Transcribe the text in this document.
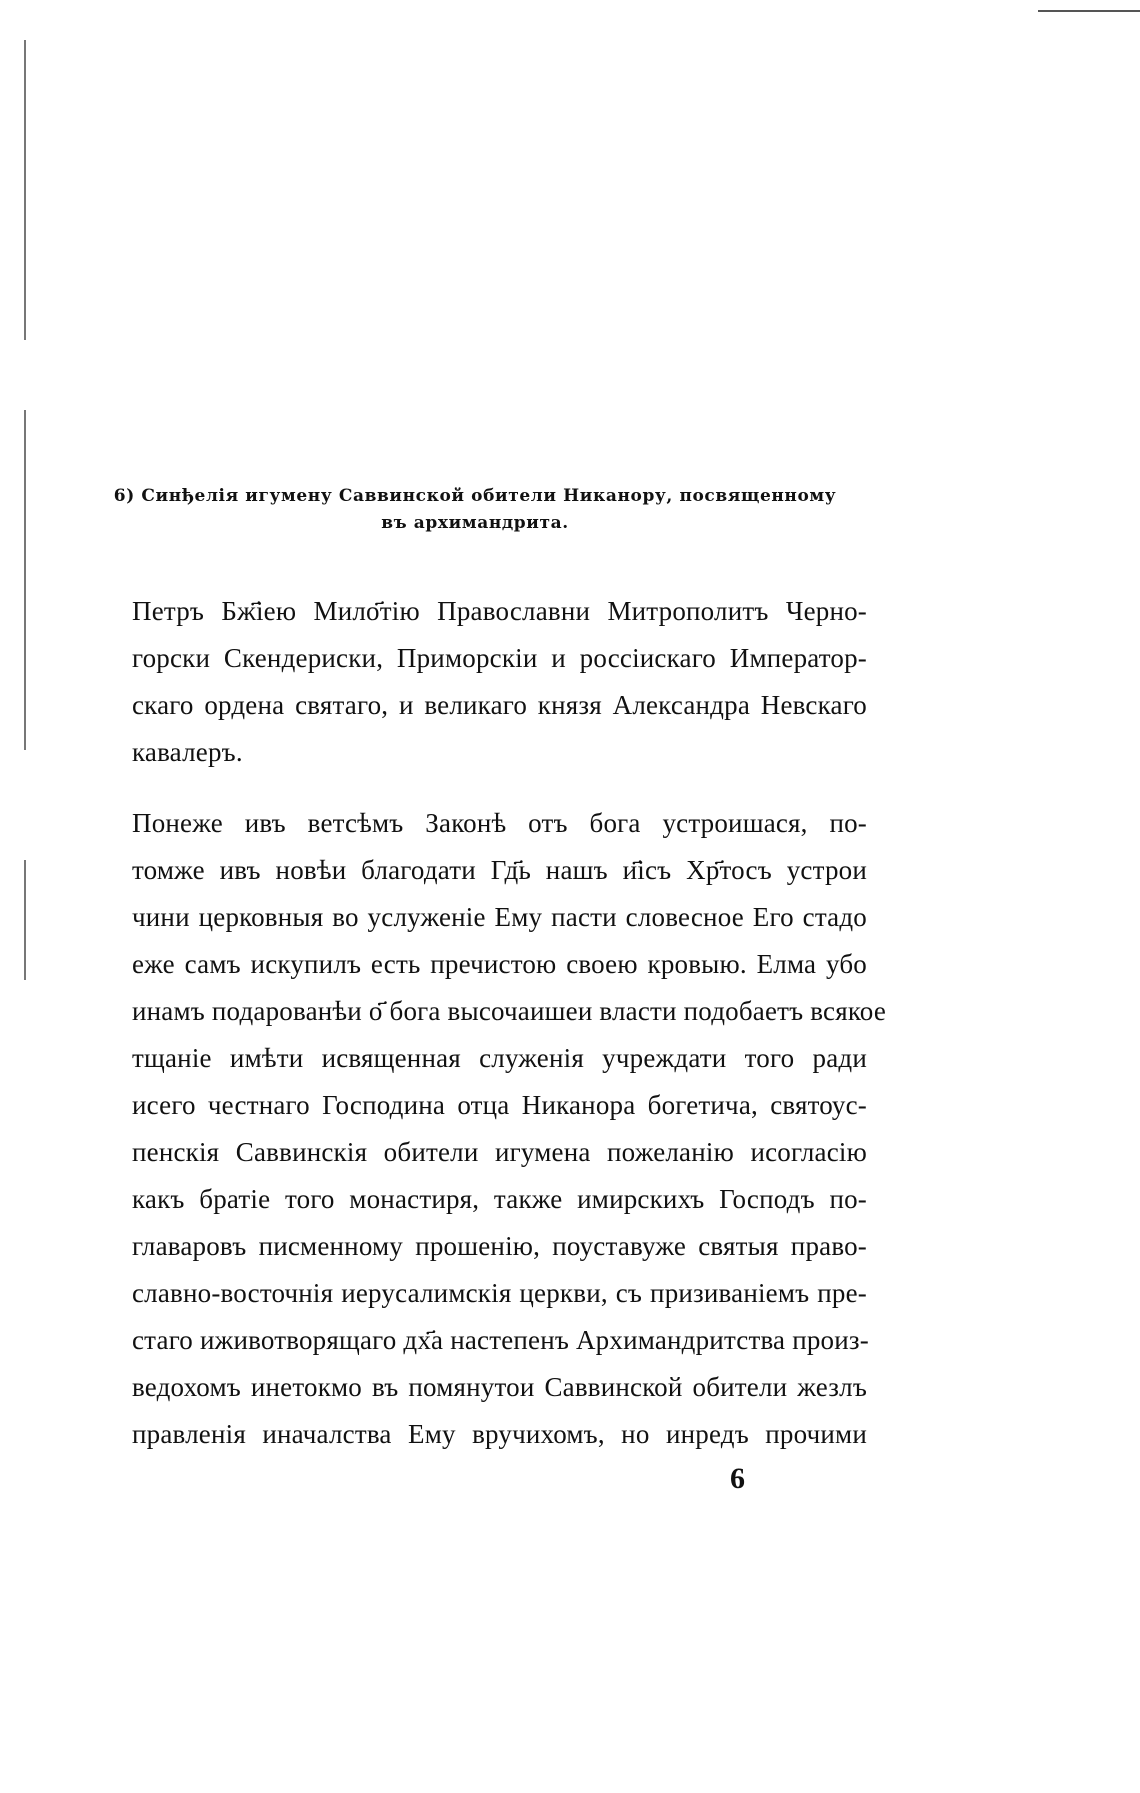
6) Синђелія игумену Саввинской обители Никанору, посвященному
въ архимандрита.

Петръ Бж҃іею Мило҃тію Православни Митрополитъ Черно-
горски Скендериски, Приморскіи и россіискаго Император-
скаго ордена святаго, и великаго князя Александра Невскаго
кавалеръ.

Понеже ивъ ветсѣмъ Законѣ отъ бога устроишася, по-
томже ивъ новѣи благодати Гд҃ь нашъ и҃ісъ Хр҃тосъ устрои
чини церковныя во услуженіе Ему пасти словесное Его стадо
еже самъ искупилъ есть пречистою своею кровыю. Елма убо
инамъ подарованѣи о҃ бога высочаишеи власти подобаетъ всякое
тщаніе имѣти исвященная служенія учреждати того ради
исего честнаго Господина отца Никанора богетича, святоус-
пенскія Саввинскія обители игумена пожеланію исогласію
какъ братіе того монастиря, также имирскихъ Господъ по-
главаровъ писменному прошенію, поуставуже святыя право-
славно-восточнія иерусалимскія церкви, съ призиваніемъ пре-
стаго иживотворящаго дх҃а настепенъ Архимандритства произ-
ведохомъ инетокмо въ помянутои Саввинской обители жезлъ
правленія иначалства Ему вручихомъ, но инредъ прочими

6
